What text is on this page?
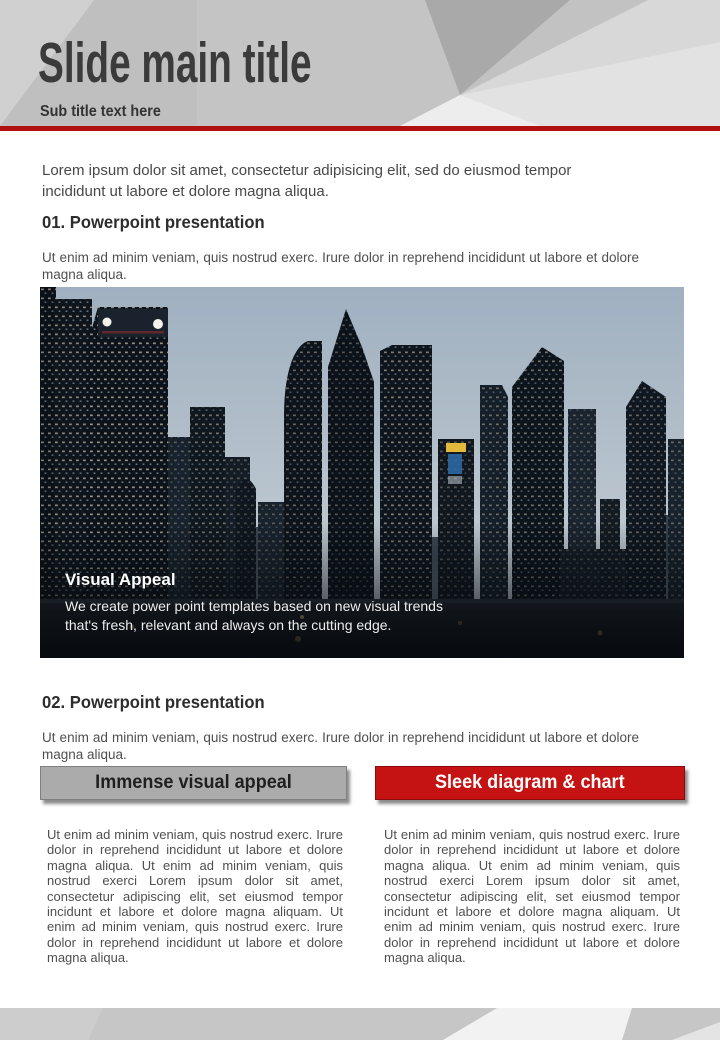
Slide main title
Sub title text here

Lorem ipsum dolor sit amet, consectetur adipisicing elit, sed do eiusmod tempor incididunt ut labore et dolore magna aliqua.

01. Powerpoint presentation

Ut enim ad minim veniam, quis nostrud exerc. Irure dolor in reprehend incididunt ut labore et dolore magna aliqua.

Visual Appeal

We create power point templates based on new visual trends

that's fresh, relevant and always on the cutting edge.

02. Powerpoint presentation

Ut enim ad minim veniam, quis nostrud exerc. Irure dolor in reprehend incididunt ut labore et dolore magna aliqua.

Immense visual appeal	Sleek diagram & chart

Ut enim ad minim veniam, quis nostrud exerc. Irure dolor in reprehend incididunt ut labore et dolore magna aliqua. Ut enim ad minim veniam, quis nostrud exerci Lorem ipsum dolor sit amet, consectetur adipiscing elit, set eiusmod tempor incidunt et labore et dolore magna aliquam. Ut enim ad minim veniam, quis nostrud exerc. Irure dolor in reprehend incididunt ut labore et dolore magna aliqua.

Ut enim ad minim veniam, quis nostrud exerc. Irure dolor in reprehend incididunt ut labore et dolore magna aliqua. Ut enim ad minim veniam, quis nostrud exerci Lorem ipsum dolor sit amet, consectetur adipiscing elit, set eiusmod tempor incidunt et labore et dolore magna aliquam. Ut enim ad minim veniam, quis nostrud exerc. Irure dolor in reprehend incididunt ut labore et dolore magna aliqua.
